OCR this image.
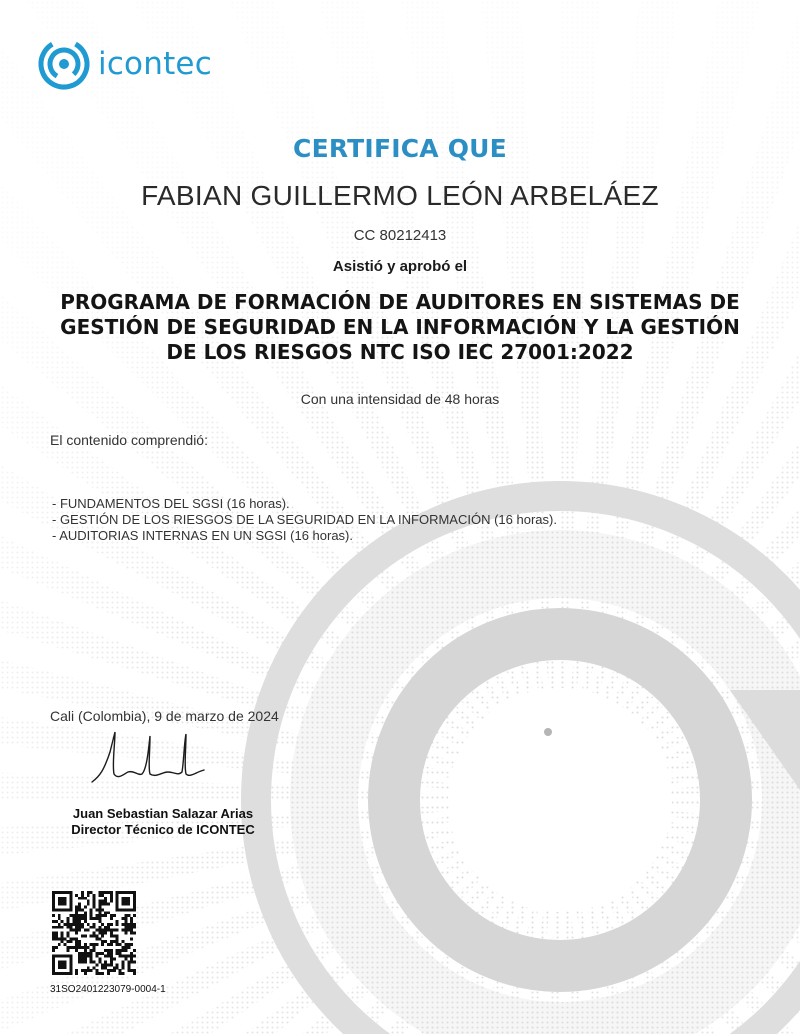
icontec
CERTIFICA QUE
FABIAN GUILLERMO LEÓN ARBELÁEZ
CC 80212413
Asistió y aprobó el
PROGRAMA DE FORMACIÓN DE AUDITORES EN SISTEMAS DE
GESTIÓN DE SEGURIDAD EN LA INFORMACIÓN Y LA GESTIÓN
DE LOS RIESGOS NTC ISO IEC 27001:2022
Con una intensidad de 48 horas
El contenido comprendió:
- FUNDAMENTOS DEL SGSI (16 horas).
- GESTIÓN DE LOS RIESGOS DE LA SEGURIDAD EN LA INFORMACIÓN (16 horas).
- AUDITORIAS INTERNAS EN UN SGSI (16 horas).
Cali (Colombia), 9 de marzo de 2024
Juan Sebastian Salazar Arias
Director Técnico de ICONTEC
31SO2401223079-0004-1
